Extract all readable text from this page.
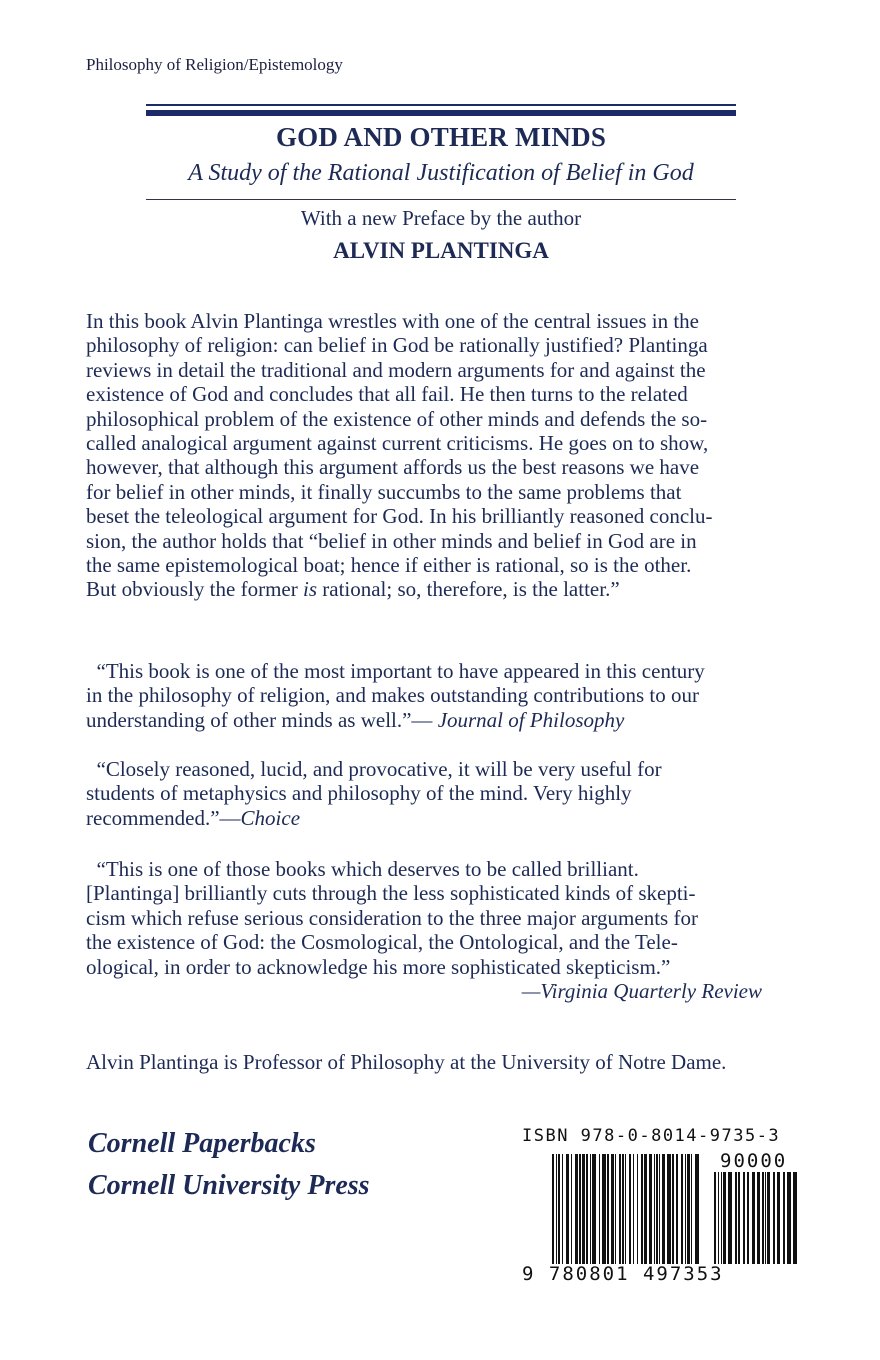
Philosophy of Religion/Epistemology
GOD AND OTHER MINDS
A Study of the Rational Justification of Belief in God
With a new Preface by the author
ALVIN PLANTINGA
In this book Alvin Plantinga wrestles with one of the central issues in the
philosophy of religion: can belief in God be rationally justified? Plantinga
reviews in detail the traditional and modern arguments for and against the
existence of God and concludes that all fail. He then turns to the related
philosophical problem of the existence of other minds and defends the so-
called analogical argument against current criticisms. He goes on to show,
however, that although this argument affords us the best reasons we have
for belief in other minds, it finally succumbs to the same problems that
beset the teleological argument for God. In his brilliantly reasoned conclu-
sion, the author holds that “belief in other minds and belief in God are in
the same epistemological boat; hence if either is rational, so is the other.
But obviously the former is rational; so, therefore, is the latter.”
“This book is one of the most important to have appeared in this century
in the philosophy of religion, and makes outstanding contributions to our
understanding of other minds as well.”— Journal of Philosophy
“Closely reasoned, lucid, and provocative, it will be very useful for
students of metaphysics and philosophy of the mind. Very highly
recommended.”—Choice
“This is one of those books which deserves to be called brilliant.
[Plantinga] brilliantly cuts through the less sophisticated kinds of skepti-
cism which refuse serious consideration to the three major arguments for
the existence of God: the Cosmological, the Ontological, and the Tele-
ological, in order to acknowledge his more sophisticated skepticism.”
—Virginia Quarterly Review
Alvin Plantinga is Professor of Philosophy at the University of Notre Dame.
Cornell Paperbacks
Cornell University Press
ISBN 978-0-8014-9735-3
90000
9 780801 497353
